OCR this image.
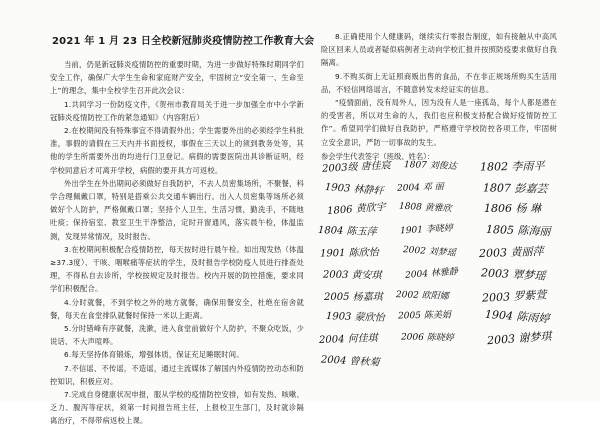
2021 年 1 月 23 日全校新冠肺炎疫情防控工作教育大会

当前，仍是新冠肺炎疫情防控的重要时期，为进一步做好特殊时期同学们安全工作，确保广大学生生命和家庭财产安全，牢固树立“安全第一、生命至上”的理念，集中全校学生召开此次会议：

1.共同学习一份防疫文件，《贺州市教育局关于进一步加强全市中小学新冠肺炎疫情防控工作的紧急通知》（内容附后）

2.在校期间没有特殊事宜不得请假外出；学生需要外出的必须经学生科批准，事假的请假在三天内并书面授权，事假在三天以上的须到教务处等，其他的学生所需要外出的均进行门卫登记。病假的需要医院出具诊断证明，经学校同意后才可离开学校，病假的要开具方可返校。

外出学生在外出期间必须做好自我防护，不去人员密集场所，不聚餐，科学合理佩戴口罩，特别是搭乘公共交通车辆出行。出入人员密集等场所必须做好个人防护，严格佩戴口罩；坚持个人卫生，生活习惯，勤洗手，不随地吐痰；保持宿室、教室卫生干净整洁，定时开窗通风，落实晨午检，体温监测，发现异常情况，及时报告。

3.在校期间积极配合疫情防控，每天按时进行晨午检。如出现发热（体温≥37.3度）、干咳、咽喉痛等症状的学生，及时报告学校防疫人员进行排查处理，不得私自去诊所，学校按规定及时报告。校内开展的防控措施，要求同学们积极配合。

4.分时就餐，不到学校之外的地方就餐，确保用餐安全，杜绝在宿舍就餐，每天在食堂排队就餐时保持一米以上距离。

5.分时错峰有序就餐，洗漱，进入食堂前做好个人防护，不聚众吃饭，少说话、不大声喧哗。

6.每天坚持体育锻炼，增强体质，保证充足睡眠时间。

7.不信谣、不传谣，不造谣，通过主流媒体了解国内外疫情防控动态和防控知识，积极应对。

7.完成自身健康状况申报，服从学校的疫情防控安排，如有发热、咳嗽、乏力、腹泻等症状，须第一时间报告班主任，上报校卫生部门，及时就诊隔离治疗，不得带病返校上课。

8.正确使用个人健康码，继续实行零报告制度，如有接触从中高风险区回来人员或者疑似病例者主动向学校汇报并按照防疫要求做好自我隔离。

9.不购买街上无证照商贩出售的食品，不在非正规场所购买生活用品，不轻信网络谣言，不随意转发未经证实的信息。

“疫情面前，没有局外人，因为没有人是一座孤岛，每个人都是潜在的受害者，所以对生命的人，我们也应积极支持配合做好疫情防控工作”。希望同学们做好自我防护，严格遵守学校防控各项工作，牢固树立安全意识，严防一切事故的发生。

参会学生代表签字（班级、姓名）：
2003级 唐佳宸 1807 刘俊达 1802 李雨平
1903 林静轩 2004 邓 丽	1807 彭嘉芸
1806 黄欣宇 1808 黄雅欣	1806 杨 琳
1804 陈玉萍	1901 李晓婷	1805 陈海丽
1901 陈欣怡	2002 刘梦瑶 2003 黄丽萍
2003 黄安琪	2004 林雅静 2003 覃梦瑶
2005 杨嘉琪 2002 欧阳娜	2003 罗紫萱
1903 蒙欣怡 2005 陈美娟	1904 陈雨婷
2004 何佳琪	2006 陈晓婷	2003 谢梦琪
2004 曾秋菊
